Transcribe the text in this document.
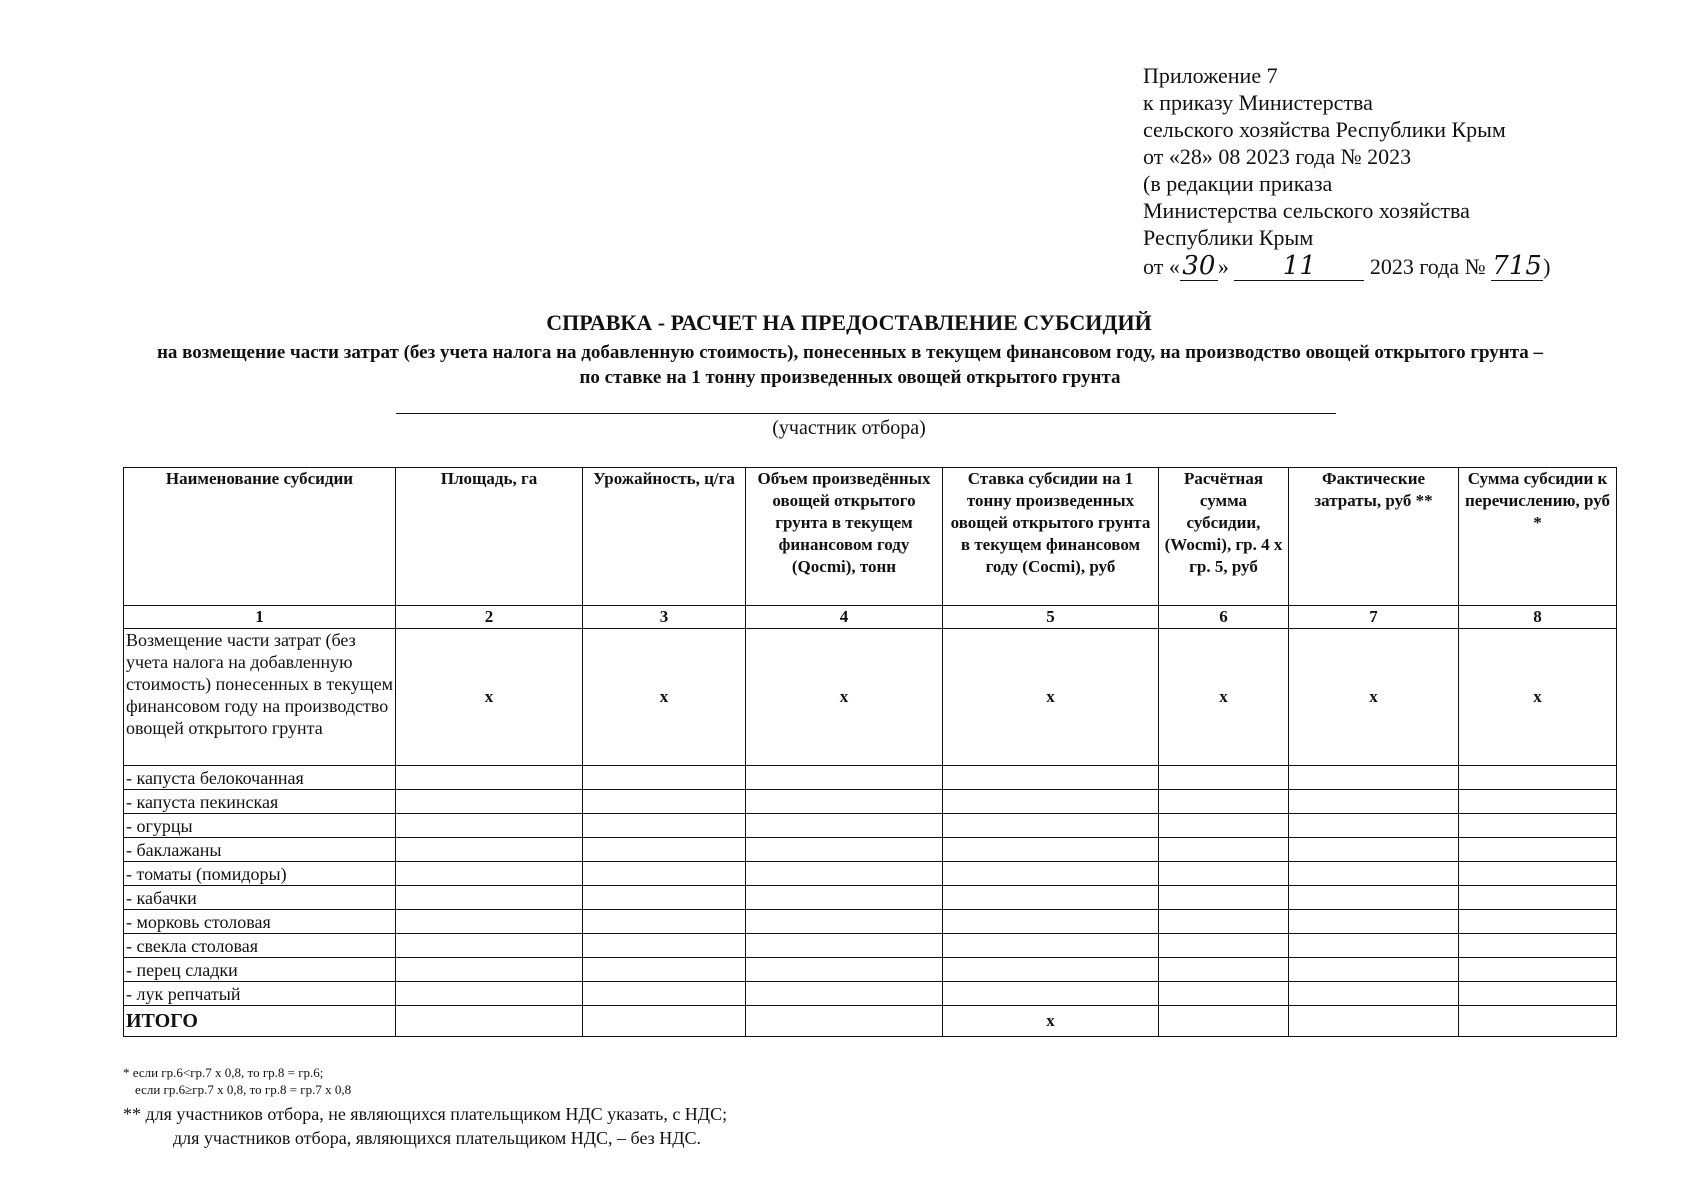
Приложение 7
к приказу Министерства
сельского хозяйства Республики Крым
от «28» 08 2023 года № 2023
(в редакции приказа
Министерства сельского хозяйства
Республики Крым
от «30 » 11 2023 года № 715)
СПРАВКА - РАСЧЕТ НА ПРЕДОСТАВЛЕНИЕ СУБСИДИЙ
на возмещение части затрат (без учета налога на добавленную стоимость), понесенных в текущем финансовом году, на производство овощей открытого грунта – по ставке на 1 тонну произведенных овощей открытого грунта
(участник отбора)
Наименование субсидии	Площадь, га	Урожайность, ц/га	Объем произведённых овощей открытого грунта в текущем финансовом году (Qocmi), тонн	Ставка субсидии на 1 тонну произведенных овощей открытого грунта в текущем финансовом году (Cocmi), руб	Расчётная сумма субсидии, (Wocmi), гр. 4 х гр. 5, руб	Фактические затраты, руб **	Сумма субсидии к перечислению, руб *
1	2	3	4	5	6	7	8
Возмещение части затрат (без учета налога на добавленную стоимость) понесенных в текущем финансовом году на производство овощей открытого грунта	x	x	x	x	x	x	x
- капуста белокочанная							
- капуста пекинская							
- огурцы							
- баклажаны							
- томаты (помидоры)							
- кабачки							
- морковь столовая							
- свекла столовая							
- перец сладки							
- лук репчатый							
ИТОГО				x			
* если гр.6<гр.7 х 0,8, то гр.8 = гр.6;
если гр.6≥гр.7 х 0,8, то гр.8 = гр.7 х 0,8
** для участников отбора, не являющихся плательщиком НДС указать, с НДС;
для участников отбора, являющихся плательщиком НДС, – без НДС.
